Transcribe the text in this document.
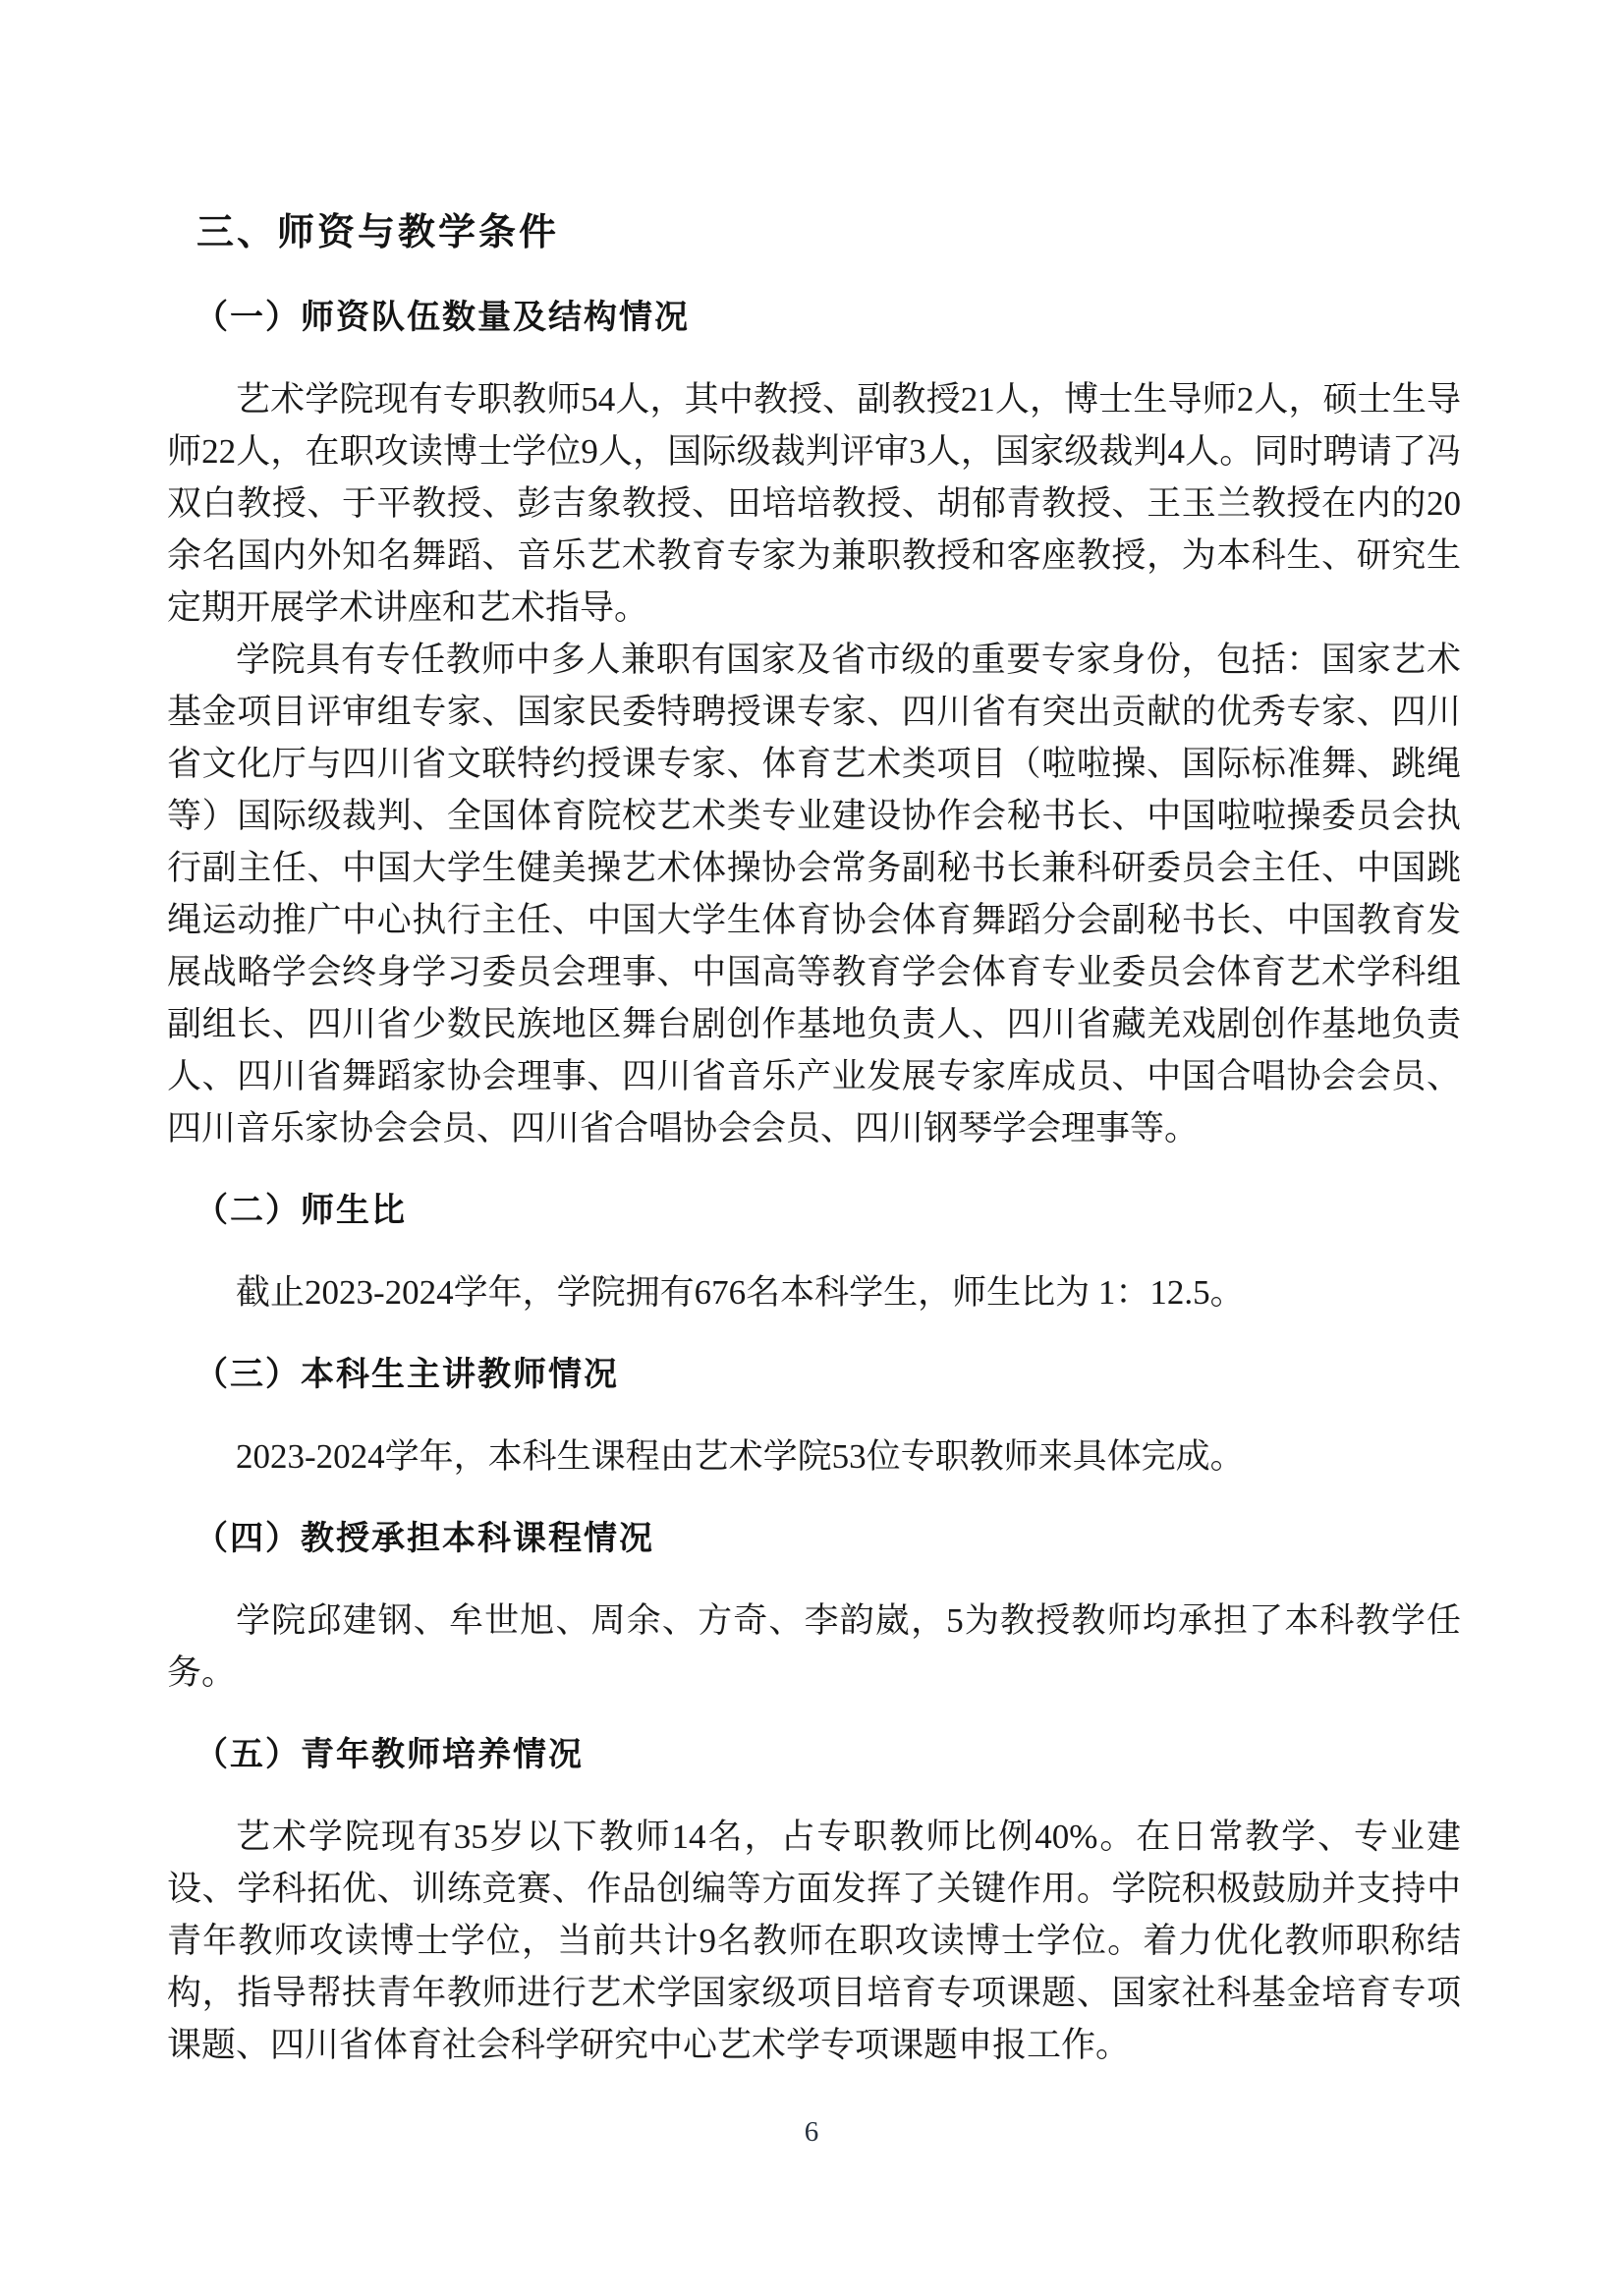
三、师资与教学条件
（一）师资队伍数量及结构情况

艺术学院现有专职教师54人，其中教授、副教授21人，博士生导师2人，硕士生导师22人，在职攻读博士学位9人，国际级裁判评审3人，国家级裁判4人。同时聘请了冯双白教授、于平教授、彭吉象教授、田培培教授、胡郁青教授、王玉兰教授在内的20余名国内外知名舞蹈、音乐艺术教育专家为兼职教授和客座教授，为本科生、研究生定期开展学术讲座和艺术指导。

学院具有专任教师中多人兼职有国家及省市级的重要专家身份，包括：国家艺术基金项目评审组专家、国家民委特聘授课专家、四川省有突出贡献的优秀专家、四川省文化厅与四川省文联特约授课专家、体育艺术类项目（啦啦操、国际标准舞、跳绳等）国际级裁判、全国体育院校艺术类专业建设协作会秘书长、中国啦啦操委员会执行副主任、中国大学生健美操艺术体操协会常务副秘书长兼科研委员会主任、中国跳绳运动推广中心执行主任、中国大学生体育协会体育舞蹈分会副秘书长、中国教育发展战略学会终身学习委员会理事、中国高等教育学会体育专业委员会体育艺术学科组副组长、四川省少数民族地区舞台剧创作基地负责人、四川省藏羌戏剧创作基地负责人、四川省舞蹈家协会理事、四川省音乐产业发展专家库成员、中国合唱协会会员、四川音乐家协会会员、四川省合唱协会会员、四川钢琴学会理事等。

（二）师生比

截止2023-2024学年，学院拥有676名本科学生，师生比为 1：12.5。

（三）本科生主讲教师情况

2023-2024学年，本科生课程由艺术学院53位专职教师来具体完成。

（四）教授承担本科课程情况

学院邱建钢、牟世旭、周余、方奇、李韵崴，5为教授教师均承担了本科教学任务。

（五）青年教师培养情况

艺术学院现有35岁以下教师14名，占专职教师比例40%。在日常教学、专业建设、学科拓优、训练竞赛、作品创编等方面发挥了关键作用。学院积极鼓励并支持中青年教师攻读博士学位，当前共计9名教师在职攻读博士学位。着力优化教师职称结构，指导帮扶青年教师进行艺术学国家级项目培育专项课题、国家社科基金培育专项课题、四川省体育社会科学研究中心艺术学专项课题申报工作。

6
